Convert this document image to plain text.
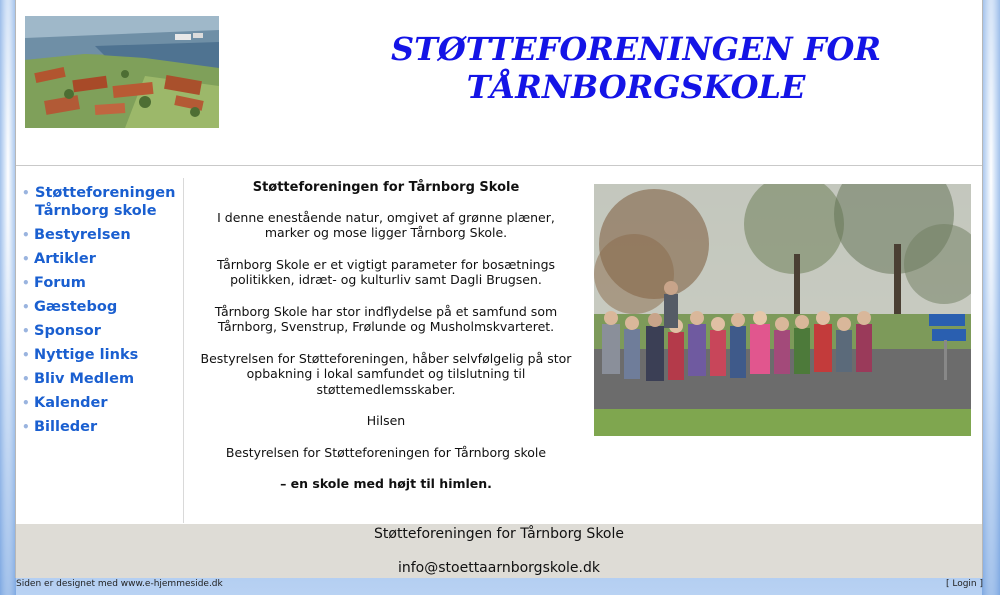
STØTTEFORENINGEN FOR
TÅRNBORGSKOLE
• Støtteforeningen
Tårnborg skole
• Bestyrelsen
• Artikler
• Forum
• Gæstebog
• Sponsor
• Nyttige links
• Bliv Medlem
• Kalender
• Billeder

Støtteforeningen for Tårnborg Skole

I denne enestående natur, omgivet af grønne plæner, marker og mose ligger Tårnborg Skole.

Tårnborg Skole er et vigtigt parameter for bosætnings politikken, idræt- og kulturliv samt Dagli Brugsen.

Tårnborg Skole har stor indflydelse på et samfund som Tårnborg, Svenstrup, Frølunde og Musholmskvarteret.

Bestyrelsen for Støtteforeningen, håber selvfølgelig på stor opbakning i lokal samfundet og tilslutning til støttemedlemsskaber.

Hilsen

Bestyrelsen for Støtteforeningen for Tårnborg skole

– en skole med højt til himlen.

Støtteforeningen for Tårnborg Skole
info@stoettaarnborgskole.dk
Siden er designet med www.e-hjemmeside.dk	[ Login ]
